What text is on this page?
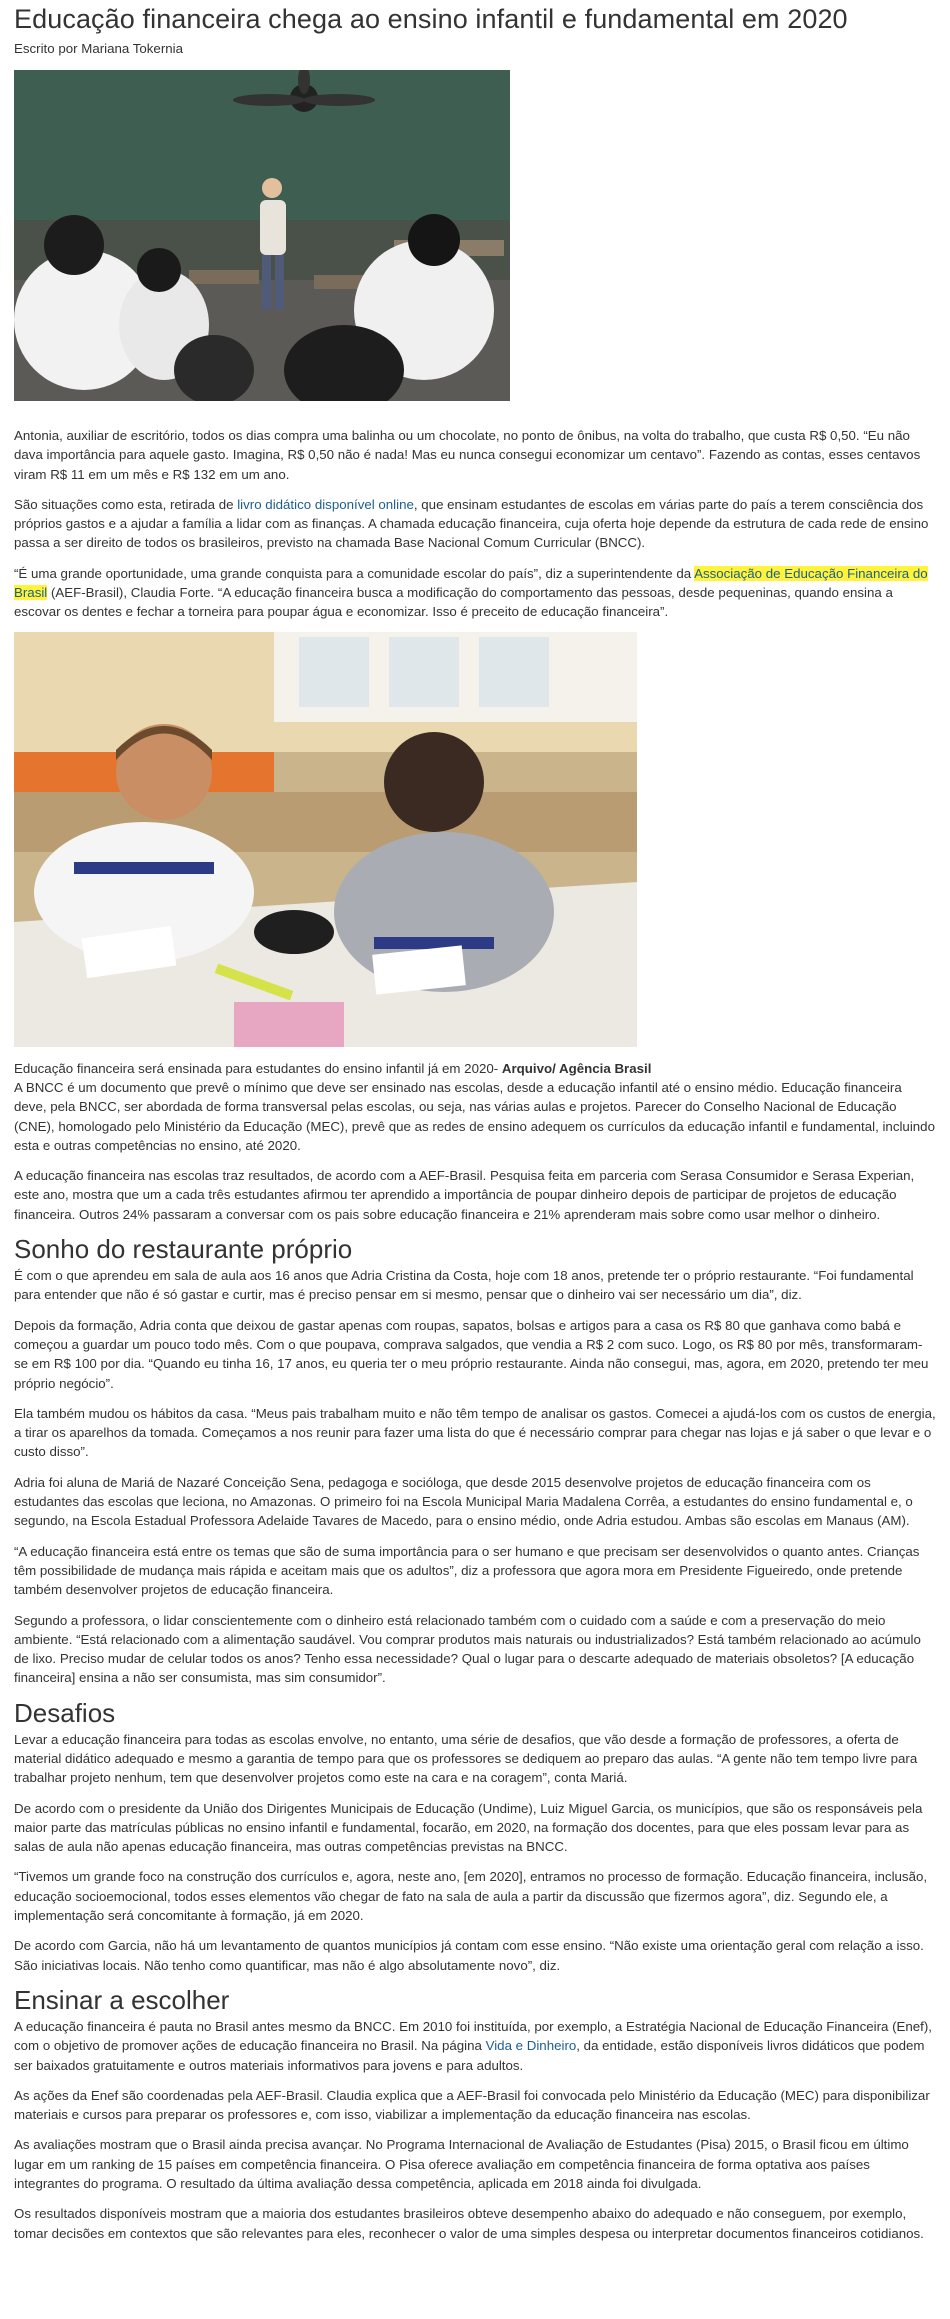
Educação financeira chega ao ensino infantil e fundamental em 2020
Escrito por Mariana Tokernia

Antonia, auxiliar de escritório, todos os dias compra uma balinha ou um chocolate, no ponto de ônibus, na volta do trabalho, que custa R$ 0,50. “Eu não dava importância para aquele gasto. Imagina, R$ 0,50 não é nada! Mas eu nunca consegui economizar um centavo”. Fazendo as contas, esses centavos viram R$ 11 em um mês e R$ 132 em um ano.

São situações como esta, retirada de livro didático disponível online, que ensinam estudantes de escolas em várias parte do país a terem consciência dos próprios gastos e a ajudar a família a lidar com as finanças. A chamada educação financeira, cuja oferta hoje depende da estrutura de cada rede de ensino passa a ser direito de todos os brasileiros, previsto na chamada Base Nacional Comum Curricular (BNCC).

“É uma grande oportunidade, uma grande conquista para a comunidade escolar do país”, diz a superintendente da Associação de Educação Financeira do Brasil (AEF-Brasil), Claudia Forte. “A educação financeira busca a modificação do comportamento das pessoas, desde pequeninas, quando ensina a escovar os dentes e fechar a torneira para poupar água e economizar. Isso é preceito de educação financeira”.

Educação financeira será ensinada para estudantes do ensino infantil já em 2020- Arquivo/ Agência Brasil

A BNCC é um documento que prevê o mínimo que deve ser ensinado nas escolas, desde a educação infantil até o ensino médio. Educação financeira deve, pela BNCC, ser abordada de forma transversal pelas escolas, ou seja, nas várias aulas e projetos. Parecer do Conselho Nacional de Educação (CNE), homologado pelo Ministério da Educação (MEC), prevê que as redes de ensino adequem os currículos da educação infantil e fundamental, incluindo esta e outras competências no ensino, até 2020.

A educação financeira nas escolas traz resultados, de acordo com a AEF-Brasil. Pesquisa feita em parceria com Serasa Consumidor e Serasa Experian, este ano, mostra que um a cada três estudantes afirmou ter aprendido a importância de poupar dinheiro depois de participar de projetos de educação financeira. Outros 24% passaram a conversar com os pais sobre educação financeira e 21% aprenderam mais sobre como usar melhor o dinheiro.

Sonho do restaurante próprio

É com o que aprendeu em sala de aula aos 16 anos que Adria Cristina da Costa, hoje com 18 anos, pretende ter o próprio restaurante. “Foi fundamental para entender que não é só gastar e curtir, mas é preciso pensar em si mesmo, pensar que o dinheiro vai ser necessário um dia”, diz.

Depois da formação, Adria conta que deixou de gastar apenas com roupas, sapatos, bolsas e artigos para a casa os R$ 80 que ganhava como babá e começou a guardar um pouco todo mês. Com o que poupava, comprava salgados, que vendia a R$ 2 com suco. Logo, os R$ 80 por mês, transformaram-se em R$ 100 por dia. “Quando eu tinha 16, 17 anos, eu queria ter o meu próprio restaurante. Ainda não consegui, mas, agora, em 2020, pretendo ter meu próprio negócio”.

Ela também mudou os hábitos da casa. “Meus pais trabalham muito e não têm tempo de analisar os gastos. Comecei a ajudá-los com os custos de energia, a tirar os aparelhos da tomada. Começamos a nos reunir para fazer uma lista do que é necessário comprar para chegar nas lojas e já saber o que levar e o custo disso”.

Adria foi aluna de Mariá de Nazaré Conceição Sena, pedagoga e socióloga, que desde 2015 desenvolve projetos de educação financeira com os estudantes das escolas que leciona, no Amazonas. O primeiro foi na Escola Municipal Maria Madalena Corrêa, a estudantes do ensino fundamental e, o segundo, na Escola Estadual Professora Adelaide Tavares de Macedo, para o ensino médio, onde Adria estudou. Ambas são escolas em Manaus (AM).

“A educação financeira está entre os temas que são de suma importância para o ser humano e que precisam ser desenvolvidos o quanto antes. Crianças têm possibilidade de mudança mais rápida e aceitam mais que os adultos”, diz a professora que agora mora em Presidente Figueiredo, onde pretende também desenvolver projetos de educação financeira.

Segundo a professora, o lidar conscientemente com o dinheiro está relacionado também com o cuidado com a saúde e com a preservação do meio ambiente. “Está relacionado com a alimentação saudável. Vou comprar produtos mais naturais ou industrializados? Está também relacionado ao acúmulo de lixo. Preciso mudar de celular todos os anos? Tenho essa necessidade? Qual o lugar para o descarte adequado de materiais obsoletos? [A educação financeira] ensina a não ser consumista, mas sim consumidor”.

Desafios

Levar a educação financeira para todas as escolas envolve, no entanto, uma série de desafios, que vão desde a formação de professores, a oferta de material didático adequado e mesmo a garantia de tempo para que os professores se dediquem ao preparo das aulas. “A gente não tem tempo livre para trabalhar projeto nenhum, tem que desenvolver projetos como este na cara e na coragem”, conta Mariá.

De acordo com o presidente da União dos Dirigentes Municipais de Educação (Undime), Luiz Miguel Garcia, os municípios, que são os responsáveis pela maior parte das matrículas públicas no ensino infantil e fundamental, focarão, em 2020, na formação dos docentes, para que eles possam levar para as salas de aula não apenas educação financeira, mas outras competências previstas na BNCC.

“Tivemos um grande foco na construção dos currículos e, agora, neste ano, [em 2020], entramos no processo de formação. Educação financeira, inclusão, educação socioemocional, todos esses elementos vão chegar de fato na sala de aula a partir da discussão que fizermos agora”, diz. Segundo ele, a implementação será concomitante à formação, já em 2020.

De acordo com Garcia, não há um levantamento de quantos municípios já contam com esse ensino. “Não existe uma orientação geral com relação a isso. São iniciativas locais. Não tenho como quantificar, mas não é algo absolutamente novo”, diz.

Ensinar a escolher

A educação financeira é pauta no Brasil antes mesmo da BNCC. Em 2010 foi instituída, por exemplo, a Estratégia Nacional de Educação Financeira (Enef), com o objetivo de promover ações de educação financeira no Brasil. Na página Vida e Dinheiro, da entidade, estão disponíveis livros didáticos que podem ser baixados gratuitamente e outros materiais informativos para jovens e para adultos.

As ações da Enef são coordenadas pela AEF-Brasil. Claudia explica que a AEF-Brasil foi convocada pelo Ministério da Educação (MEC) para disponibilizar materiais e cursos para preparar os professores e, com isso, viabilizar a implementação da educação financeira nas escolas.

As avaliações mostram que o Brasil ainda precisa avançar. No Programa Internacional de Avaliação de Estudantes (Pisa) 2015, o Brasil ficou em último lugar em um ranking de 15 países em competência financeira. O Pisa oferece avaliação em competência financeira de forma optativa aos países integrantes do programa. O resultado da última avaliação dessa competência, aplicada em 2018 ainda foi divulgada.

Os resultados disponíveis mostram que a maioria dos estudantes brasileiros obteve desempenho abaixo do adequado e não conseguem, por exemplo, tomar decisões em contextos que são relevantes para eles, reconhecer o valor de uma simples despesa ou interpretar documentos financeiros cotidianos.
